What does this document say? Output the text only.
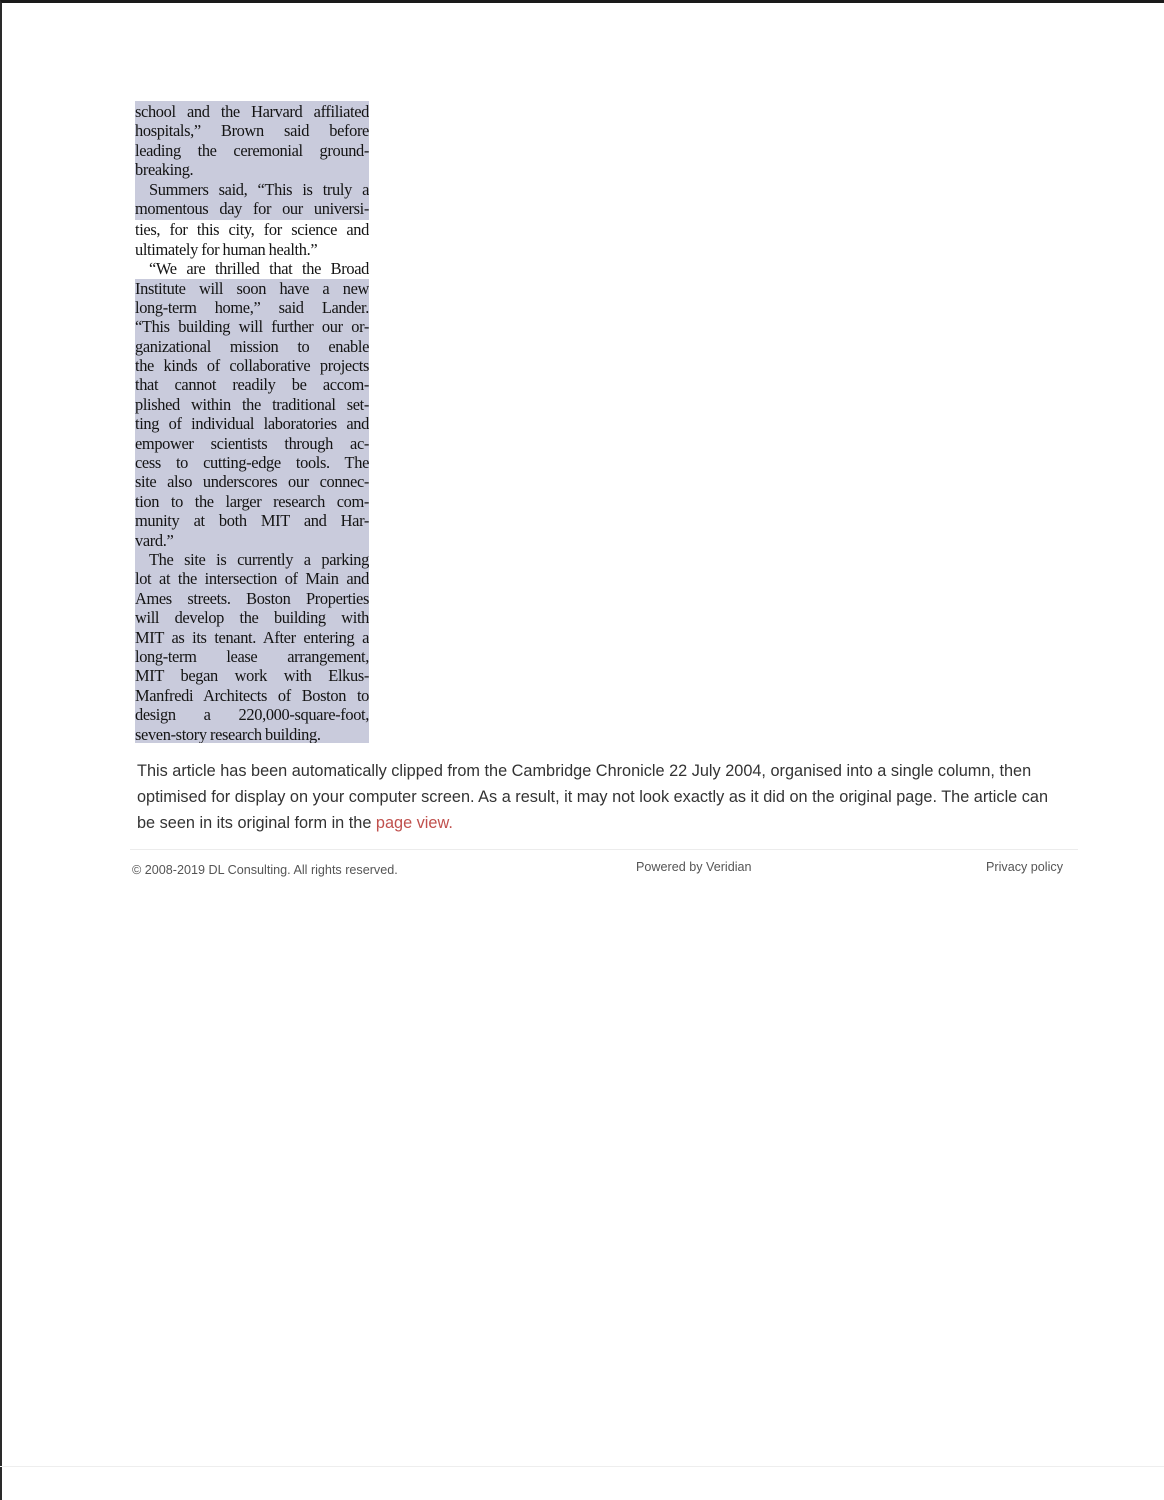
school and the Harvard affiliated
hospitals,” Brown said before
leading the ceremonial ground-
breaking.
Summers said, “This is truly a
momentous day for our universi-
ties, for this city, for science and
ultimately for human health.”
“We are thrilled that the Broad
Institute will soon have a new
long-term home,” said Lander.
“This building will further our or-
ganizational mission to enable
the kinds of collaborative projects
that cannot readily be accom-
plished within the traditional set-
ting of individual laboratories and
empower scientists through ac-
cess to cutting-edge tools. The
site also underscores our connec-
tion to the larger research com-
munity at both MIT and Har-
vard.”
The site is currently a parking
lot at the intersection of Main and
Ames streets. Boston Properties
will develop the building with
MIT as its tenant. After entering a
long-term lease arrangement,
MIT began work with Elkus-
Manfredi Architects of Boston to
design a 220,000-square-foot,
seven-story research building.

This article has been automatically clipped from the Cambridge Chronicle 22 July 2004, organised into a single column, then optimised for display on your computer screen. As a result, it may not look exactly as it did on the original page. The article can be seen in its original form in the page view.

© 2008-2019 DL Consulting. All rights reserved.	Powered by Veridian	Privacy policy
